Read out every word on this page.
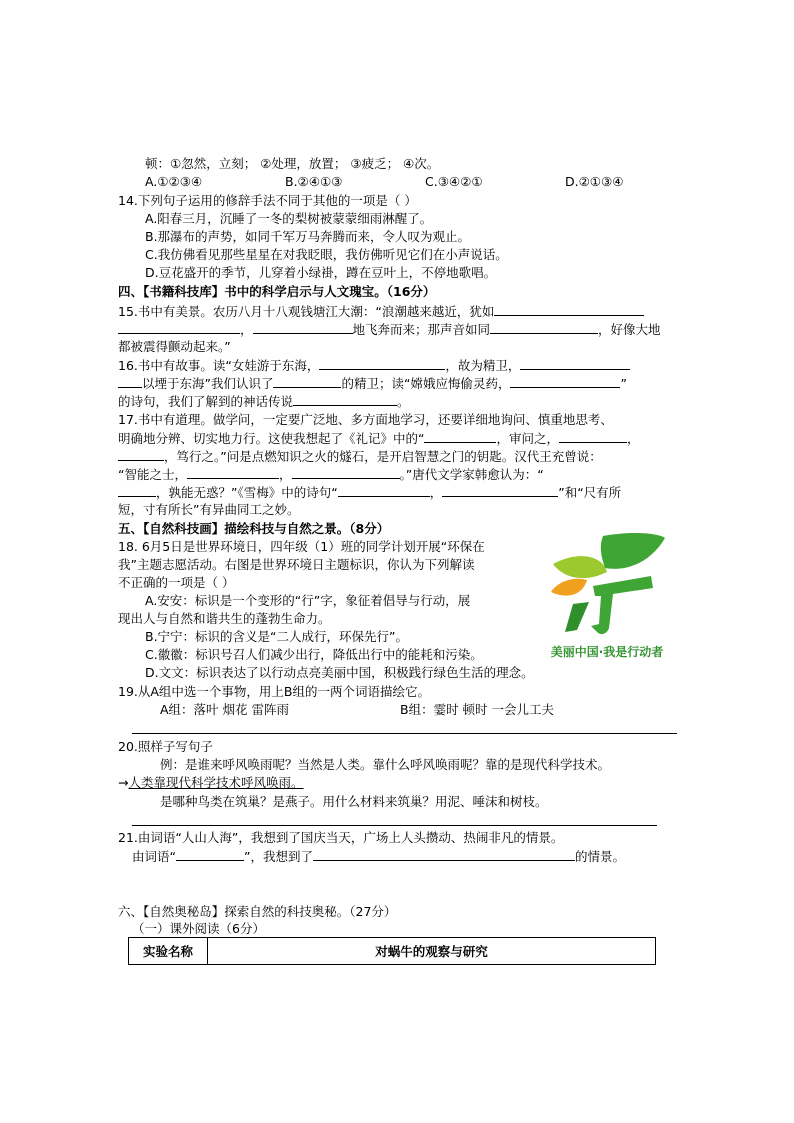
顿：①忽然，立刻； ②处理，放置； ③疲乏； ④次。
A.①②③④	B.②④①③	C.③④②①	D.②①③④
14.下列句子运用的修辞手法不同于其他的一项是（ ）
A.阳春三月，沉睡了一冬的梨树被蒙蒙细雨淋醒了。
B.那瀑布的声势，如同千军万马奔腾而来，令人叹为观止。
C.我仿佛看见那些星星在对我眨眼，我仿佛听见它们在小声说话。
D.豆花盛开的季节，儿穿着小绿褂，蹲在豆叶上，不停地歌唱。
四、【书籍科技库】书中的科学启示与人文瑰宝。（16分）
15.书中有美景。农历八月十八观钱塘江大潮：“浪潮越来越近，犹如
，	地飞奔而来；那声音如同	，好像大地
都被震得颤动起来。”
16.书中有故事。读“女娃游于东海，	，故为精卫，
以堙于东海”我们认识了	的精卫；读“嫦娥应悔偷灵药，	”
的诗句，我们了解到的神话传说	。
17.书中有道理。做学问，一定要广泛地、多方面地学习，还要详细地询问、慎重地思考、
明确地分辨、切实地力行。这使我想起了《礼记》中的“	，审问之，	，
，笃行之。”问是点燃知识之火的燧石，是开启智慧之门的钥匙。汉代王充曾说：
“智能之士，	，	。”唐代文学家韩愈认为：“
，孰能无惑？”《雪梅》中的诗句“	，	”和“尺有所
短，寸有所长”有异曲同工之妙。
五、【自然科技画】描绘科技与自然之景。（8分）
18. 6月5日是世界环境日，四年级（1）班的同学计划开展“环保在
我”主题志愿活动。右图是世界环境日主题标识，你认为下列解读
不正确的一项是（ ）
A.安安：标识是一个变形的“行”字，象征着倡导与行动，展
现出人与自然和谐共生的蓬勃生命力。
B.宁宁：标识的含义是“二人成行，环保先行”。
C.徽徽：标识号召人们减少出行，降低出行中的能耗和污染。
D.文文：标识表达了以行动点亮美丽中国，积极践行绿色生活的理念。
美丽中国·我是行动者
19.从A组中选一个事物，用上B组的一两个词语描绘它。
A组：落叶 烟花 雷阵雨	B组：霎时 顿时 一会儿工夫
20.照样子写句子
例：是谁来呼风唤雨呢？当然是人类。靠什么呼风唤雨呢？靠的是现代科学技术。
→人类靠现代科学技术呼风唤雨。
是哪种鸟类在筑巢？是燕子。用什么材料来筑巢？用泥、唾沫和树枝。
21.由词语“人山人海”，我想到了国庆当天，广场上人头攒动、热闹非凡的情景。
由词语“	”，我想到了	的情景。
六、【自然奥秘岛】探索自然的科技奥秘。（27分）
（一）课外阅读（6分）
实验名称	对蜗牛的观察与研究
